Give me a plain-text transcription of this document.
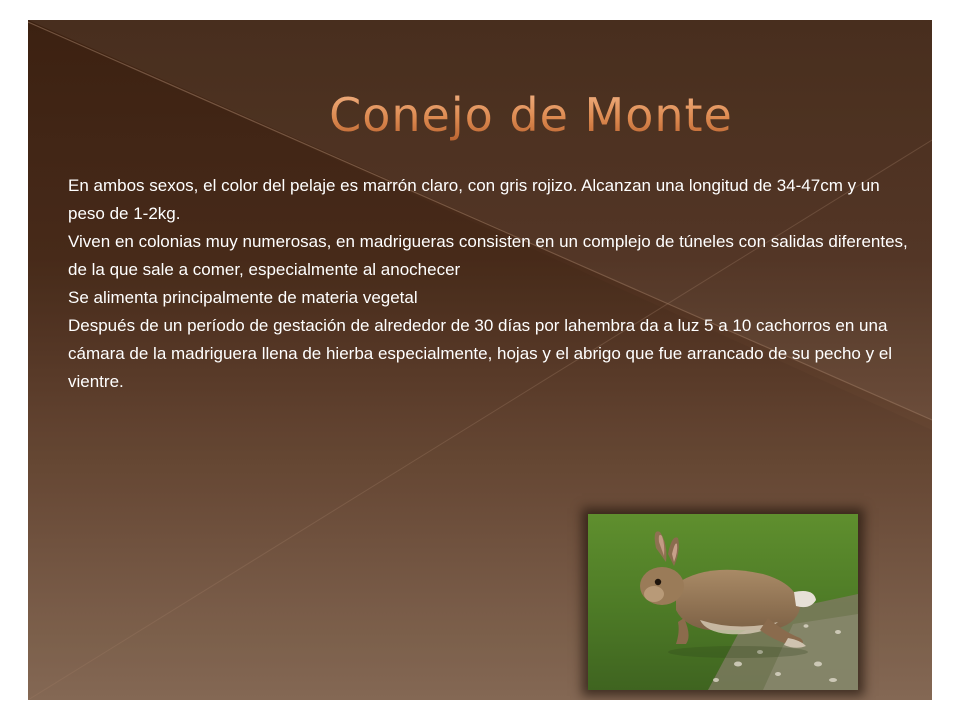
Conejo de Monte

En ambos sexos, el color del pelaje es marrón claro, con gris rojizo. Alcanzan una longitud de 34-47cm y un peso de 1-2kg.

Viven en colonias muy numerosas, en madrigueras consisten en un complejo de túneles con salidas diferentes, de la que sale a comer, especialmente al anochecer

Se alimenta principalmente de materia vegetal

Después de un período de gestación de alrededor de 30 días por lahembra da a luz 5 a 10 cachorros en una cámara de la madriguera llena de hierba especialmente, hojas y el abrigo que fue arrancado de su pecho y el vientre.
